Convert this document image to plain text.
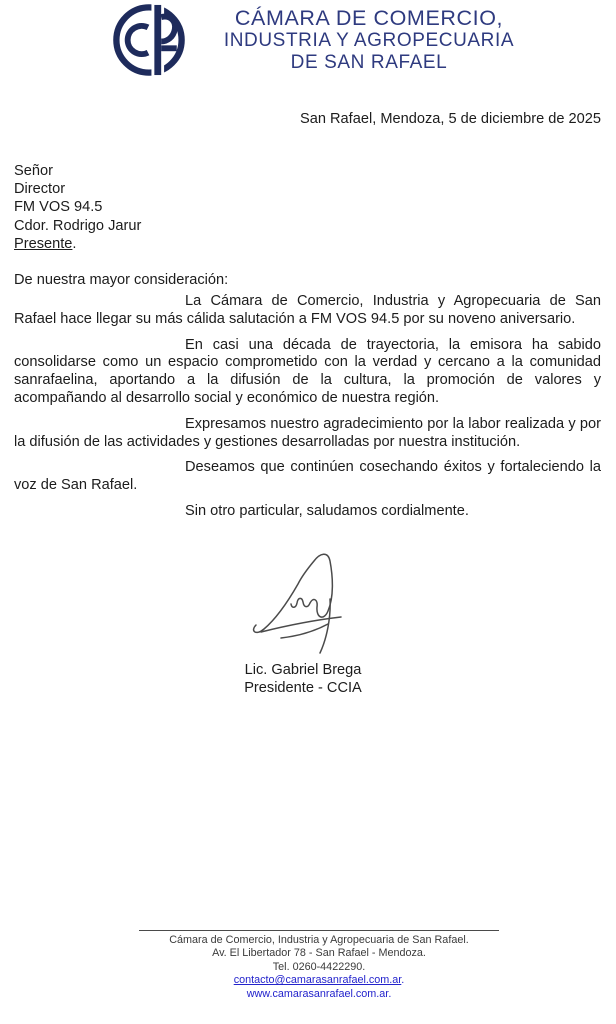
CÁMARA DE COMERCIO,
INDUSTRIA Y AGROPECUARIA
DE SAN RAFAEL
San Rafael, Mendoza, 5 de diciembre de 2025
Señor
Director
FM VOS 94.5
Cdor. Rodrigo Jarur
Presente.
De nuestra mayor consideración:

La Cámara de Comercio, Industria y Agropecuaria de San Rafael hace llegar su más cálida salutación a FM VOS 94.5 por su noveno aniversario.

En casi una década de trayectoria, la emisora ha sabido consolidarse como un espacio comprometido con la verdad y cercano a la comunidad sanrafaelina, aportando a la difusión de la cultura, la promoción de valores y acompañando al desarrollo social y económico de nuestra región.

Expresamos nuestro agradecimiento por la labor realizada y por la difusión de las actividades y gestiones desarrolladas por nuestra institución.

Deseamos que continúen cosechando éxitos y fortaleciendo la voz de San Rafael.

Sin otro particular, saludamos cordialmente.

Lic. Gabriel Brega
Presidente - CCIA
Cámara de Comercio, Industria y Agropecuaria de San Rafael.
Av. El Libertador 78 - San Rafael - Mendoza.
Tel. 0260-4422290.
contacto@camarasanrafael.com.ar.
www.camarasanrafael.com.ar.
